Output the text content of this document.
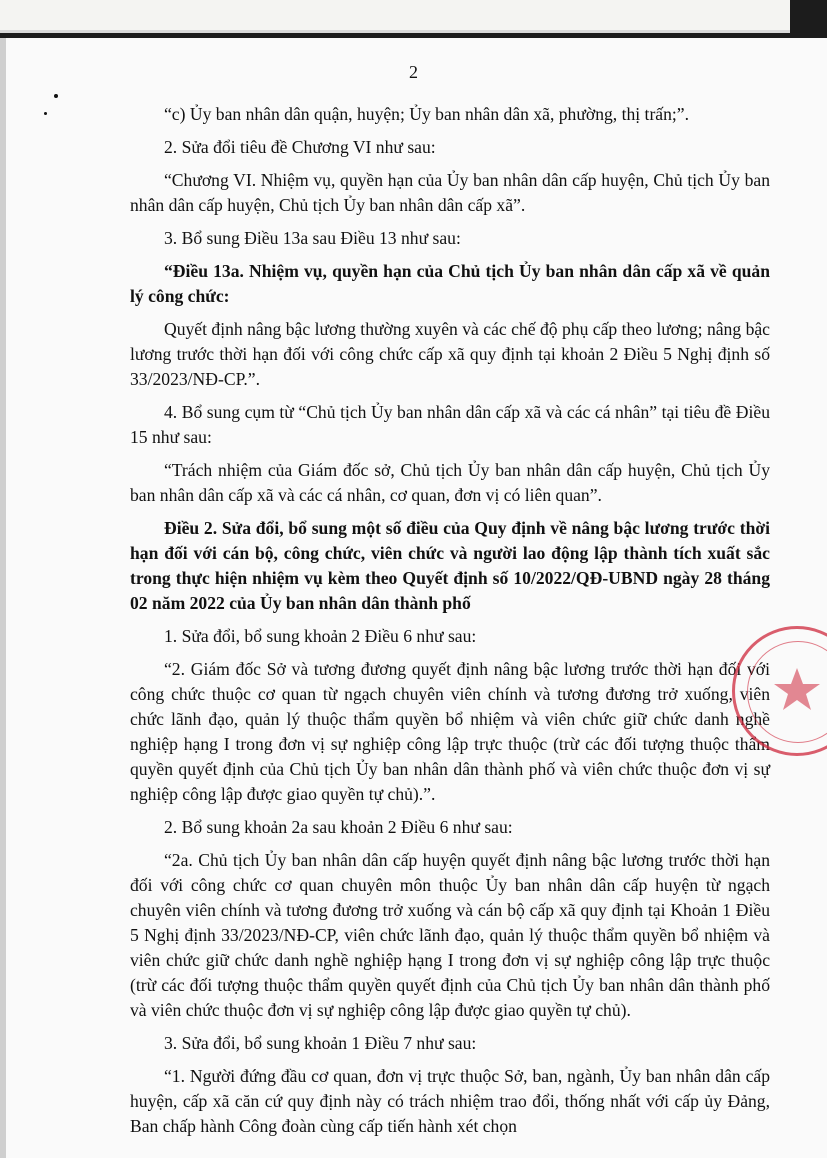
2

“c) Ủy ban nhân dân quận, huyện; Ủy ban nhân dân xã, phường, thị trấn;”.

2. Sửa đổi tiêu đề Chương VI như sau:

“Chương VI. Nhiệm vụ, quyền hạn của Ủy ban nhân dân cấp huyện, Chủ tịch Ủy ban nhân dân cấp huyện, Chủ tịch Ủy ban nhân dân cấp xã”.

3. Bổ sung Điều 13a sau Điều 13 như sau:

“Điều 13a. Nhiệm vụ, quyền hạn của Chủ tịch Ủy ban nhân dân cấp xã về quản lý công chức:

Quyết định nâng bậc lương thường xuyên và các chế độ phụ cấp theo lương; nâng bậc lương trước thời hạn đối với công chức cấp xã quy định tại khoản 2 Điều 5 Nghị định số 33/2023/NĐ-CP.”.

4. Bổ sung cụm từ “Chủ tịch Ủy ban nhân dân cấp xã và các cá nhân” tại tiêu đề Điều 15 như sau:

“Trách nhiệm của Giám đốc sở, Chủ tịch Ủy ban nhân dân cấp huyện, Chủ tịch Ủy ban nhân dân cấp xã và các cá nhân, cơ quan, đơn vị có liên quan”.

Điều 2. Sửa đổi, bổ sung một số điều của Quy định về nâng bậc lương trước thời hạn đối với cán bộ, công chức, viên chức và người lao động lập thành tích xuất sắc trong thực hiện nhiệm vụ kèm theo Quyết định số 10/2022/QĐ-UBND ngày 28 tháng 02 năm 2022 của Ủy ban nhân dân thành phố

1. Sửa đổi, bổ sung khoản 2 Điều 6 như sau:

“2. Giám đốc Sở và tương đương quyết định nâng bậc lương trước thời hạn đối với công chức thuộc cơ quan từ ngạch chuyên viên chính và tương đương trở xuống, viên chức lãnh đạo, quản lý thuộc thẩm quyền bổ nhiệm và viên chức giữ chức danh nghề nghiệp hạng I trong đơn vị sự nghiệp công lập trực thuộc (trừ các đối tượng thuộc thẩm quyền quyết định của Chủ tịch Ủy ban nhân dân thành phố và viên chức thuộc đơn vị sự nghiệp công lập được giao quyền tự chủ).”.

2. Bổ sung khoản 2a sau khoản 2 Điều 6 như sau:

“2a. Chủ tịch Ủy ban nhân dân cấp huyện quyết định nâng bậc lương trước thời hạn đối với công chức cơ quan chuyên môn thuộc Ủy ban nhân dân cấp huyện từ ngạch chuyên viên chính và tương đương trở xuống và cán bộ cấp xã quy định tại Khoản 1 Điều 5 Nghị định 33/2023/NĐ-CP, viên chức lãnh đạo, quản lý thuộc thẩm quyền bổ nhiệm và viên chức giữ chức danh nghề nghiệp hạng I trong đơn vị sự nghiệp công lập trực thuộc (trừ các đối tượng thuộc thẩm quyền quyết định của Chủ tịch Ủy ban nhân dân thành phố và viên chức thuộc đơn vị sự nghiệp công lập được giao quyền tự chủ).

3. Sửa đổi, bổ sung khoản 1 Điều 7 như sau:

“1. Người đứng đầu cơ quan, đơn vị trực thuộc Sở, ban, ngành, Ủy ban nhân dân cấp huyện, cấp xã căn cứ quy định này có trách nhiệm trao đổi, thống nhất với cấp ủy Đảng, Ban chấp hành Công đoàn cùng cấp tiến hành xét chọn
